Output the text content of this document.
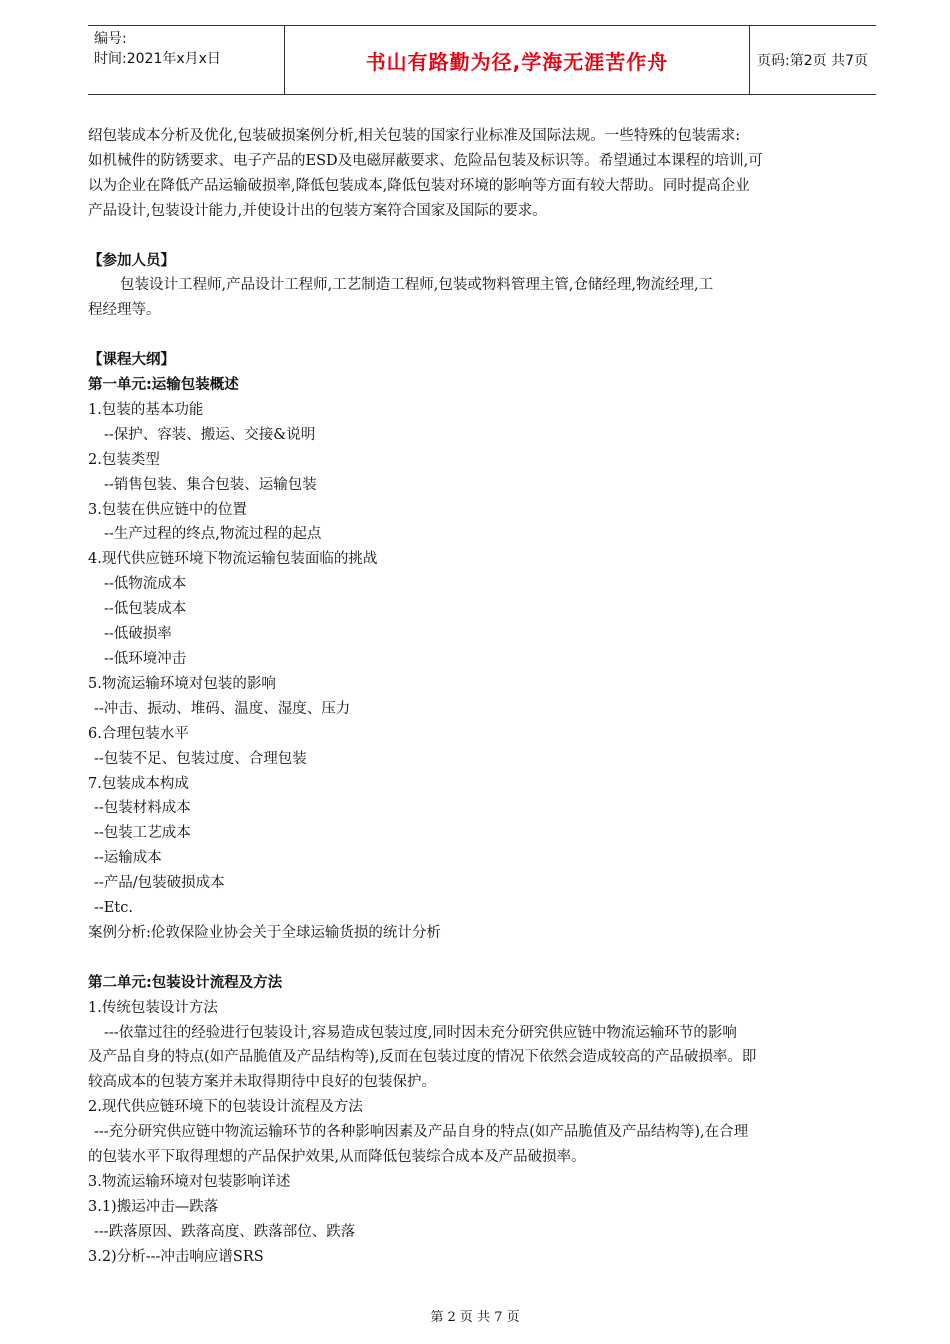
编号:
时间:2021年x月x日	书山有路勤为径,学海无涯苦作舟	页码:第2页 共7页
绍包装成本分析及优化,包装破损案例分析,相关包装的国家行业标准及国际法规。一些特殊的包装需求:
如机械件的防锈要求、电子产品的ESD及电磁屏蔽要求、危险品包装及标识等。希望通过本课程的培训,可
以为企业在降低产品运输破损率,降低包装成本,降低包装对环境的影响等方面有较大帮助。同时提高企业
产品设计,包装设计能力,并使设计出的包装方案符合国家及国际的要求。
【参加人员】
包装设计工程师,产品设计工程师,工艺制造工程师,包装或物料管理主管,仓储经理,物流经理,工
程经理等。
【课程大纲】
第一单元:运输包装概述
1.包装的基本功能
--保护、容装、搬运、交接&说明
2.包装类型
--销售包装、集合包装、运输包装
3.包装在供应链中的位置
--生产过程的终点,物流过程的起点
4.现代供应链环境下物流运输包装面临的挑战
--低物流成本
--低包装成本
--低破损率
--低环境冲击
5.物流运输环境对包装的影响
--冲击、振动、堆码、温度、湿度、压力
6.合理包装水平
--包装不足、包装过度、合理包装
7.包装成本构成
--包装材料成本
--包装工艺成本
--运输成本
--产品/包装破损成本
--Etc.
案例分析:伦敦保险业协会关于全球运输货损的统计分析
第二单元:包装设计流程及方法
1.传统包装设计方法
---依靠过往的经验进行包装设计,容易造成包装过度,同时因未充分研究供应链中物流运输环节的影响
及产品自身的特点(如产品脆值及产品结构等),反而在包装过度的情况下依然会造成较高的产品破损率。即
较高成本的包装方案并未取得期待中良好的包装保护。
2.现代供应链环境下的包装设计流程及方法
---充分研究供应链中物流运输环节的各种影响因素及产品自身的特点(如产品脆值及产品结构等),在合理
的包装水平下取得理想的产品保护效果,从而降低包装综合成本及产品破损率。
3.物流运输环境对包装影响详述
3.1)搬运冲击—跌落
---跌落原因、跌落高度、跌落部位、跌落
3.2)分析---冲击响应谱SRS
第 2 页 共 7 页
